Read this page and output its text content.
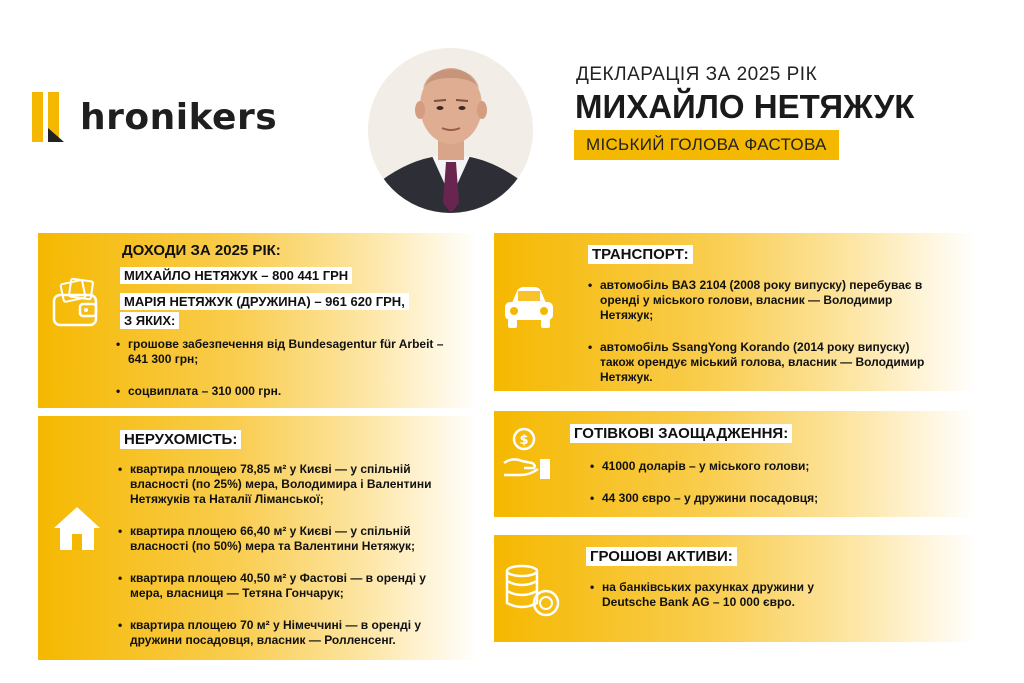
hronikers
ДЕКЛАРАЦІЯ ЗА 2025 РІК
МИХАЙЛО НЕТЯЖУК
МІСЬКИЙ ГОЛОВА ФАСТОВА
ДОХОДИ ЗА 2025 РІК:
МИХАЙЛО НЕТЯЖУК – 800 441 ГРН
МАРІЯ НЕТЯЖУК (ДРУЖИНА) – 961 620 ГРН,
З ЯКИХ:
• грошове забезпечення від Bundesagentur für Arbeit – 641 300 грн;
• соцвиплата – 310 000 грн.
НЕРУХОМІСТЬ:
• квартира площею 78,85 м² у Києві — у спільній власності (по 25%) мера, Володимира і Валентини Нетяжуків та Наталії Ліманської;
• квартира площею 66,40 м² у Києві — у спільній власності (по 50%) мера та Валентини Нетяжук;
• квартира площею 40,50 м² у Фастові — в оренді у мера, власниця — Тетяна Гончарук;
• квартира площею 70 м² у Німеччині — в оренді у дружини посадовця, власник — Ролленсенг.
ТРАНСПОРТ:
• автомобіль ВАЗ 2104 (2008 року випуску) перебуває в оренді у міського голови, власник — Володимир Нетяжук;
• автомобіль SsangYong Korando (2014 року випуску) також орендує міський голова, власник — Володимир Нетяжук.
$	ГОТІВКОВІ ЗАОЩАДЖЕННЯ:
• 41000 доларів – у міського голови;
• 44 300 євро – у дружини посадовця;
ГРОШОВІ АКТИВИ:
• на банківських рахунках дружини у Deutsche Bank AG – 10 000 євро.
